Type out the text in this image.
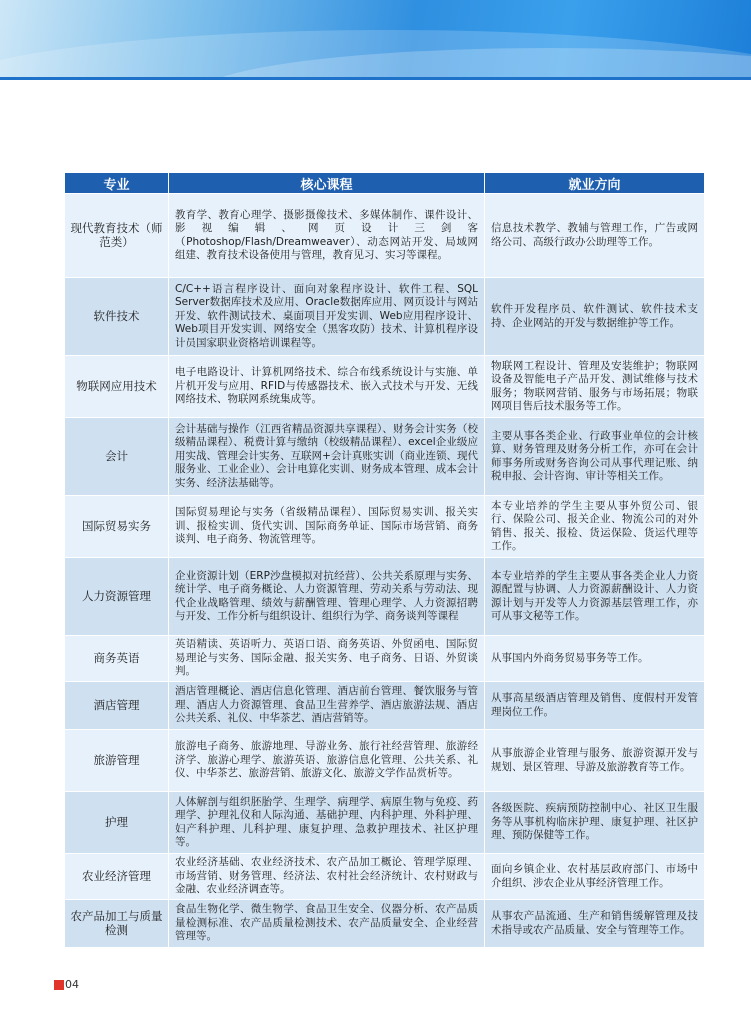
专业	核心课程	就业方向
现代教育技术（师范类）	教育学、教育心理学、摄影摄像技术、多媒体制作、课件设计、影视编辑、网页设计三剑客（Photoshop/Flash/Dreamweaver）、动态网站开发、局域网组建、教育技术设备使用与管理，教育见习、实习等课程。	信息技术教学、教辅与管理工作，广告或网络公司、高级行政办公助理等工作。
软件技术	C/C++语言程序设计、面向对象程序设计、软件工程、SQL Server数据库技术及应用、Oracle数据库应用、网页设计与网站开发、软件测试技术、桌面项目开发实训、Web应用程序设计、Web项目开发实训、网络安全（黑客攻防）技术、计算机程序设计员国家职业资格培训课程等。	软件开发程序员、软件测试、软件技术支持、企业网站的开发与数据维护等工作。
物联网应用技术	电子电路设计、计算机网络技术、综合布线系统设计与实施、单片机开发与应用、RFID与传感器技术、嵌入式技术与开发、无线网络技术、物联网系统集成等。	物联网工程设计、管理及安装维护；物联网设备及智能电子产品开发、测试维修与技术服务；物联网营销、服务与市场拓展；物联网项目售后技术服务等工作。
会计	会计基础与操作（江西省精品资源共享课程）、财务会计实务（校级精品课程）、税费计算与缴纳（校级精品课程）、excel企业级应用实战、管理会计实务、互联网+会计真账实训（商业连锁、现代服务业、工业企业）、会计电算化实训、财务成本管理、成本会计实务、经济法基础等。	主要从事各类企业、行政事业单位的会计核算、财务管理及财务分析工作，亦可在会计师事务所或财务咨询公司从事代理记账、纳税申报、会计咨询、审计等相关工作。
国际贸易实务	国际贸易理论与实务（省级精品课程）、国际贸易实训、报关实训、报检实训、货代实训、国际商务单证、国际市场营销、商务谈判、电子商务、物流管理等。	本专业培养的学生主要从事外贸公司、银行、保险公司、报关企业、物流公司的对外销售、报关、报检、货运保险、货运代理等工作。
人力资源管理	企业资源计划（ERP沙盘模拟对抗经营）、公共关系原理与实务、统计学、电子商务概论、人力资源管理、劳动关系与劳动法、现代企业战略管理、绩效与薪酬管理、管理心理学、人力资源招聘与开发、工作分析与组织设计、组织行为学、商务谈判等课程	本专业培养的学生主要从事各类企业人力资源配置与协调、人力资源薪酬设计、人力资源计划与开发等人力资源基层管理工作，亦可从事文秘等工作。
商务英语	英语精读、英语听力、英语口语、商务英语、外贸函电、国际贸易理论与实务、国际金融、报关实务、电子商务、日语、外贸谈判。	从事国内外商务贸易事务等工作。
酒店管理	酒店管理概论、酒店信息化管理、酒店前台管理、餐饮服务与管理、酒店人力资源管理、食品卫生营养学、酒店旅游法规、酒店公共关系、礼仪、中华茶艺、酒店营销等。	从事高星级酒店管理及销售、度假村开发管理岗位工作。
旅游管理	旅游电子商务、旅游地理、导游业务、旅行社经营管理、旅游经济学、旅游心理学、旅游英语、旅游信息化管理、公共关系、礼仪、中华茶艺、旅游营销、旅游文化、旅游文学作品赏析等。	从事旅游企业管理与服务、旅游资源开发与规划、景区管理、导游及旅游教育等工作。
护理	人体解剖与组织胚胎学、生理学、病理学、病原生物与免疫、药理学、护理礼仪和人际沟通、基础护理、内科护理、外科护理、妇产科护理、儿科护理、康复护理、急救护理技术、社区护理等。	各级医院、疾病预防控制中心、社区卫生服务等从事机构临床护理、康复护理、社区护理、预防保健等工作。
农业经济管理	农业经济基础、农业经济技术、农产品加工概论、管理学原理、市场营销、财务管理、经济法、农村社会经济统计、农村财政与金融、农业经济调查等。	面向乡镇企业、农村基层政府部门、市场中介组织、涉农企业从事经济管理工作。
农产品加工与质量检测	食品生物化学、微生物学、食品卫生安全、仪器分析、农产品质量检测标准、农产品质量检测技术、农产品质量安全、企业经营管理等。	从事农产品流通、生产和销售缓解管理及技术指导或农产品质量、安全与管理等工作。
04
